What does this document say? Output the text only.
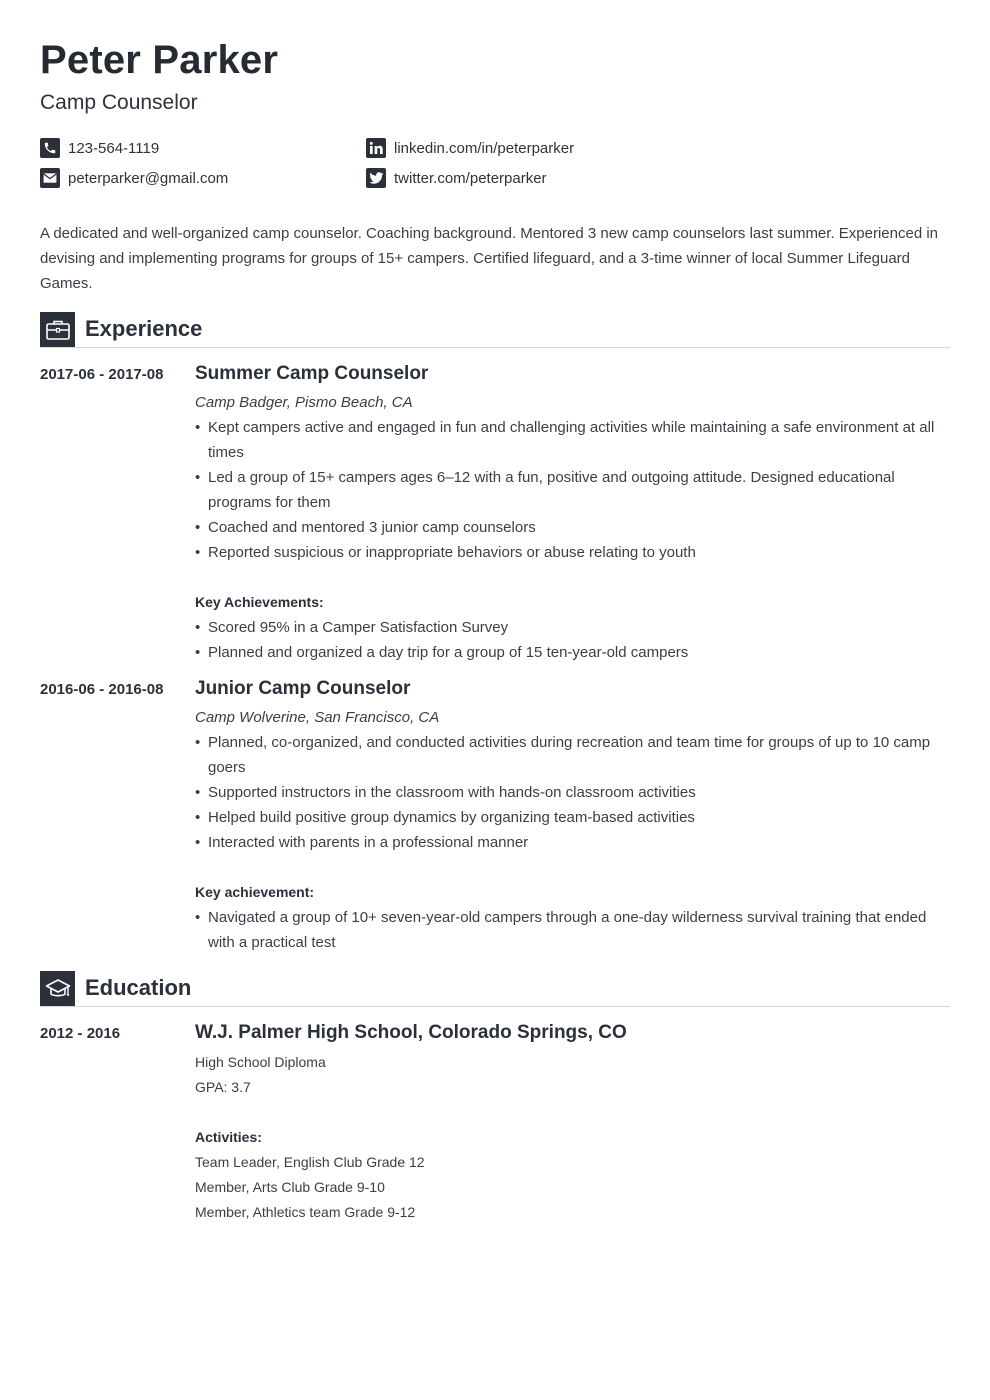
Peter Parker
Camp Counselor
123-564-1119	linkedin.com/in/peterparker
peterparker@gmail.com	twitter.com/peterparker
A dedicated and well-organized camp counselor. Coaching background. Mentored 3 new camp counselors last summer. Experienced in devising and implementing programs for groups of 15+ campers. Certified lifeguard, and a 3-time winner of local Summer Lifeguard Games.
Experience
2017-06 - 2017-08 Summer Camp Counselor
Camp Badger, Pismo Beach, CA
• Kept campers active and engaged in fun and challenging activities while maintaining a safe environment at all times
• Led a group of 15+ campers ages 6–12 with a fun, positive and outgoing attitude. Designed educational programs for them
• Coached and mentored 3 junior camp counselors
• Reported suspicious or inappropriate behaviors or abuse relating to youth
Key Achievements:
• Scored 95% in a Camper Satisfaction Survey
• Planned and organized a day trip for a group of 15 ten-year-old campers
2016-06 - 2016-08 Junior Camp Counselor
Camp Wolverine, San Francisco, CA
• Planned, co-organized, and conducted activities during recreation and team time for groups of up to 10 camp goers
• Supported instructors in the classroom with hands-on classroom activities
• Helped build positive group dynamics by organizing team-based activities
• Interacted with parents in a professional manner
Key achievement:
• Navigated a group of 10+ seven-year-old campers through a one-day wilderness survival training that ended with a practical test
Education
2012 - 2016	W.J. Palmer High School, Colorado Springs, CO
High School Diploma
GPA: 3.7
Activities:
Team Leader, English Club Grade 12
Member, Arts Club Grade 9-10
Member, Athletics team Grade 9-12
